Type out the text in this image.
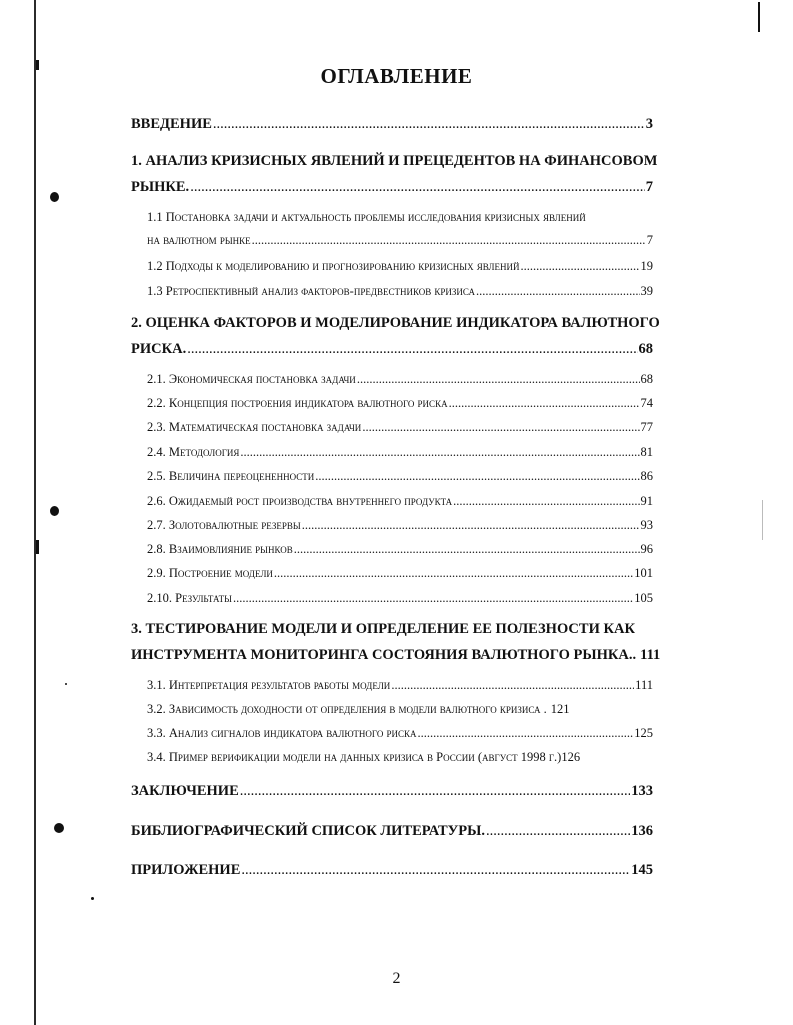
ОГЛАВЛЕНИЕ
ВВЕДЕНИЕ .....	3
1. АНАЛИЗ КРИЗИСНЫХ ЯВЛЕНИЙ И ПРЕЦЕДЕНТОВ НА ФИНАНСОВОМ
РЫНКЕ. .....	7
1.1 Постановка задачи и актуальность проблемы исследования кризисных явлений
на валютном рынке .....	7
1.2 Подходы к моделированию и прогнозированию кризисных явлений .....	19
1.3 Ретроспективный анализ факторов-предвестников кризиса .....	39
2. ОЦЕНКА ФАКТОРОВ И МОДЕЛИРОВАНИЕ ИНДИКАТОРА ВАЛЮТНОГО
РИСКА. .....	68
2.1. Экономическая постановка задачи .....	68
2.2. Концепция построения индикатора валютного риска .....	74
2.3. Математическая постановка задачи .....	77
2.4. Методология .....	81
2.5. Величина переоцененности .....	86
2.6. Ожидаемый рост производства внутреннего продукта .....	91
2.7. Золотовалютные резервы .....	93
2.8. Взаимовлияние рынков .....	96
2.9. Построение модели .....	101
2.10. Результаты .....	105
3. ТЕСТИРОВАНИЕ МОДЕЛИ И ОПРЕДЕЛЕНИЕ ЕЕ ПОЛЕЗНОСТИ КАК
ИНСТРУМЕНТА МОНИТОРИНГА СОСТОЯНИЯ ВАЛЮТНОГО РЫНКА.. 111
3.1. Интерпретация результатов работы модели .....	111
3.2. Зависимость доходности от определения в модели валютного кризиса . 121
3.3. Анализ сигналов индикатора валютного риска .....	125
3.4. Пример верификации модели на данных кризиса в России (август 1998 г.) 126
ЗАКЛЮЧЕНИЕ .....	133
БИБЛИОГРАФИЧЕСКИЙ СПИСОК ЛИТЕРАТУРЫ. .....	136
ПРИЛОЖЕНИЕ .....	145
2
